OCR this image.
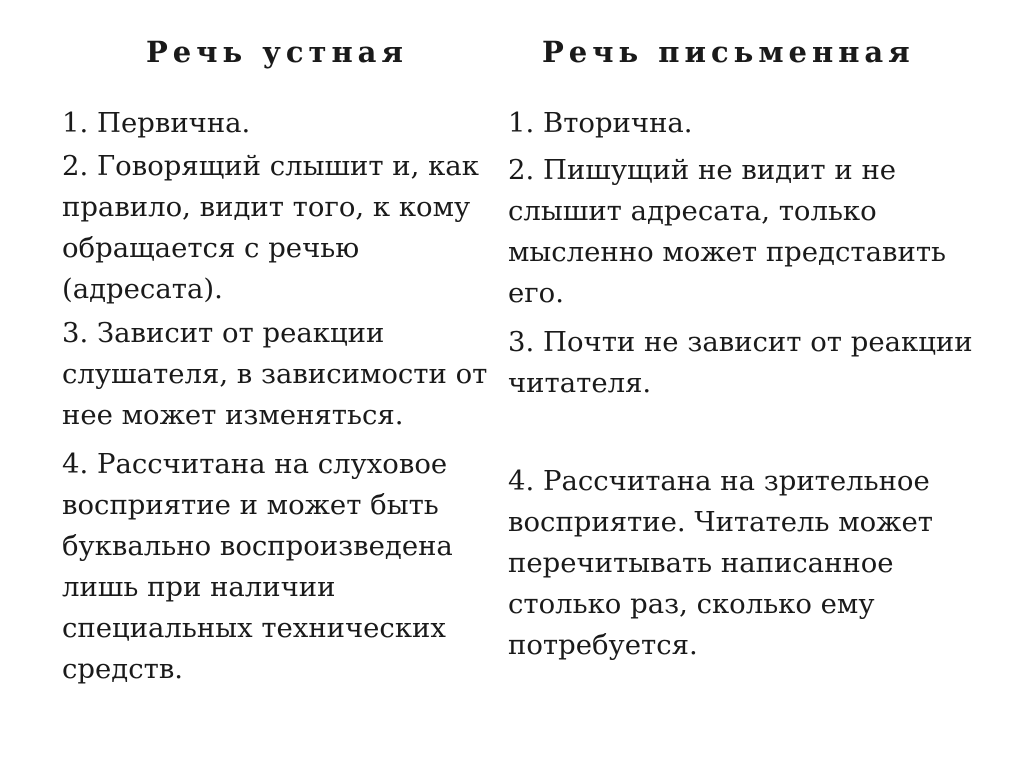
Речь устная

1. Первична.

2. Говорящий слышит и, как правило, видит того, к кому обращается с речью (адресата).

3. Зависит от реакции слушателя, в зависимости от нее может изменяться.

4. Рассчитана на слуховое восприятие и может быть буквально воспроизведена лишь при наличии специальных технических средств.

Речь письменная

1. Вторична.

2. Пишущий не видит и не слышит адресата, только мысленно может представить его.

3. Почти не зависит от реакции читателя.

4. Рассчитана на зрительное восприятие. Читатель может перечитывать написанное столько раз, сколько ему потребуется.
